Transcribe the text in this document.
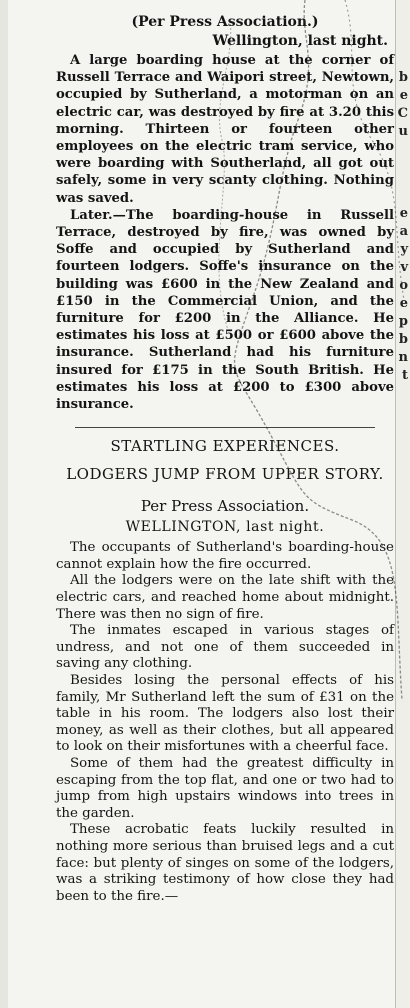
(Per Press Association.)

Wellington, last night.

A large boarding house at the corner of Russell Terrace and Waipori street, Newtown, occupied by Sutherland, a motorman on an electric car, was destroyed by fire at 3.20 this morning. Thirteen or fourteen other employees on the electric tram service, who were boarding with Southerland, all got out safely, some in very scanty clothing. Nothing was saved.

Later.—The boarding-house in Russell Terrace, destroyed by fire, was owned by Soffe and occupied by Sutherland and fourteen lodgers. Soffe's insurance on the building was £600 in the New Zealand and £150 in the Commercial Union, and the furniture for £200 in the Alliance. He estimates his loss at £500 or £600 above the insurance. Sutherland had his furniture insured for £175 in the South British. He estimates his loss at £200 to £300 above insurance.

STARTLING EXPERIENCES.

LODGERS JUMP FROM UPPER STORY.

Per Press Association.

WELLINGTON, last night.

The occupants of Sutherland's boarding-house cannot explain how the fire occurred.

All the lodgers were on the late shift with the electric cars, and reached home about midnight. There was then no sign of fire.

The inmates escaped in various stages of undress, and not one of them succeeded in saving any clothing.

Besides losing the personal effects of his family, Mr Sutherland left the sum of £31 on the table in his room. The lodgers also lost their money, as well as their clothes, but all appeared to look on their misfortunes with a cheerful face.

Some of them had the greatest difficulty in escaping from the top flat, and one or two had to jump from high upstairs windows into trees in the garden.

These acrobatic feats luckily resulted in nothing more serious than bruised legs and a cut face: but plenty of singes on some of the lodgers, was a striking testimony of how close they had been to the fire.—

b
e
C
u
e
a
y
v
o
e
p
b
n
t
